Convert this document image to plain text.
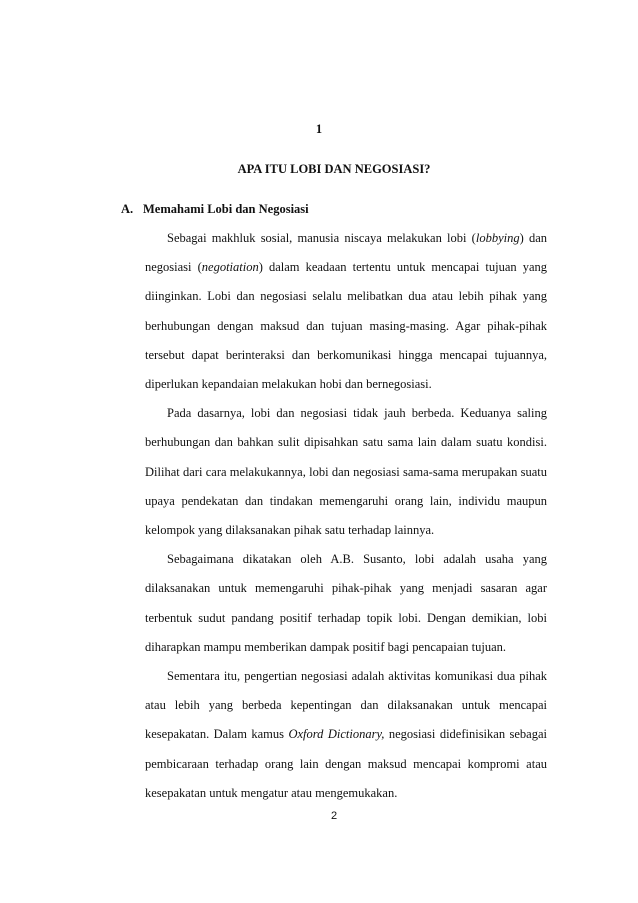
1
APA ITU LOBI DAN NEGOSIASI?
A. Memahami Lobi dan Negosiasi

Sebagai makhluk sosial, manusia niscaya melakukan lobi (lobbying) dan negosiasi (negotiation) dalam keadaan tertentu untuk mencapai tujuan yang diinginkan. Lobi dan negosiasi selalu melibatkan dua atau lebih pihak yang berhubungan dengan maksud dan tujuan masing-masing. Agar pihak-pihak tersebut dapat berinteraksi dan berkomunikasi hingga mencapai tujuannya, diperlukan kepandaian melakukan hobi dan bernegosiasi.

Pada dasarnya, lobi dan negosiasi tidak jauh berbeda. Keduanya saling berhubungan dan bahkan sulit dipisahkan satu sama lain dalam suatu kondisi. Dilihat dari cara melakukannya, lobi dan negosiasi sama-sama merupakan suatu upaya pendekatan dan tindakan memengaruhi orang lain, individu maupun kelompok yang dilaksanakan pihak satu terhadap lainnya.

Sebagaimana dikatakan oleh A.B. Susanto, lobi adalah usaha yang dilaksanakan untuk memengaruhi pihak-pihak yang menjadi sasaran agar terbentuk sudut pandang positif terhadap topik lobi. Dengan demikian, lobi diharapkan mampu memberikan dampak positif bagi pencapaian tujuan.

Sementara itu, pengertian negosiasi adalah aktivitas komunikasi dua pihak atau lebih yang berbeda kepentingan dan dilaksanakan untuk mencapai kesepakatan. Dalam kamus Oxford Dictionary, negosiasi didefinisikan sebagai pembicaraan terhadap orang lain dengan maksud mencapai kompromi atau kesepakatan untuk mengatur atau mengemukakan.

2
